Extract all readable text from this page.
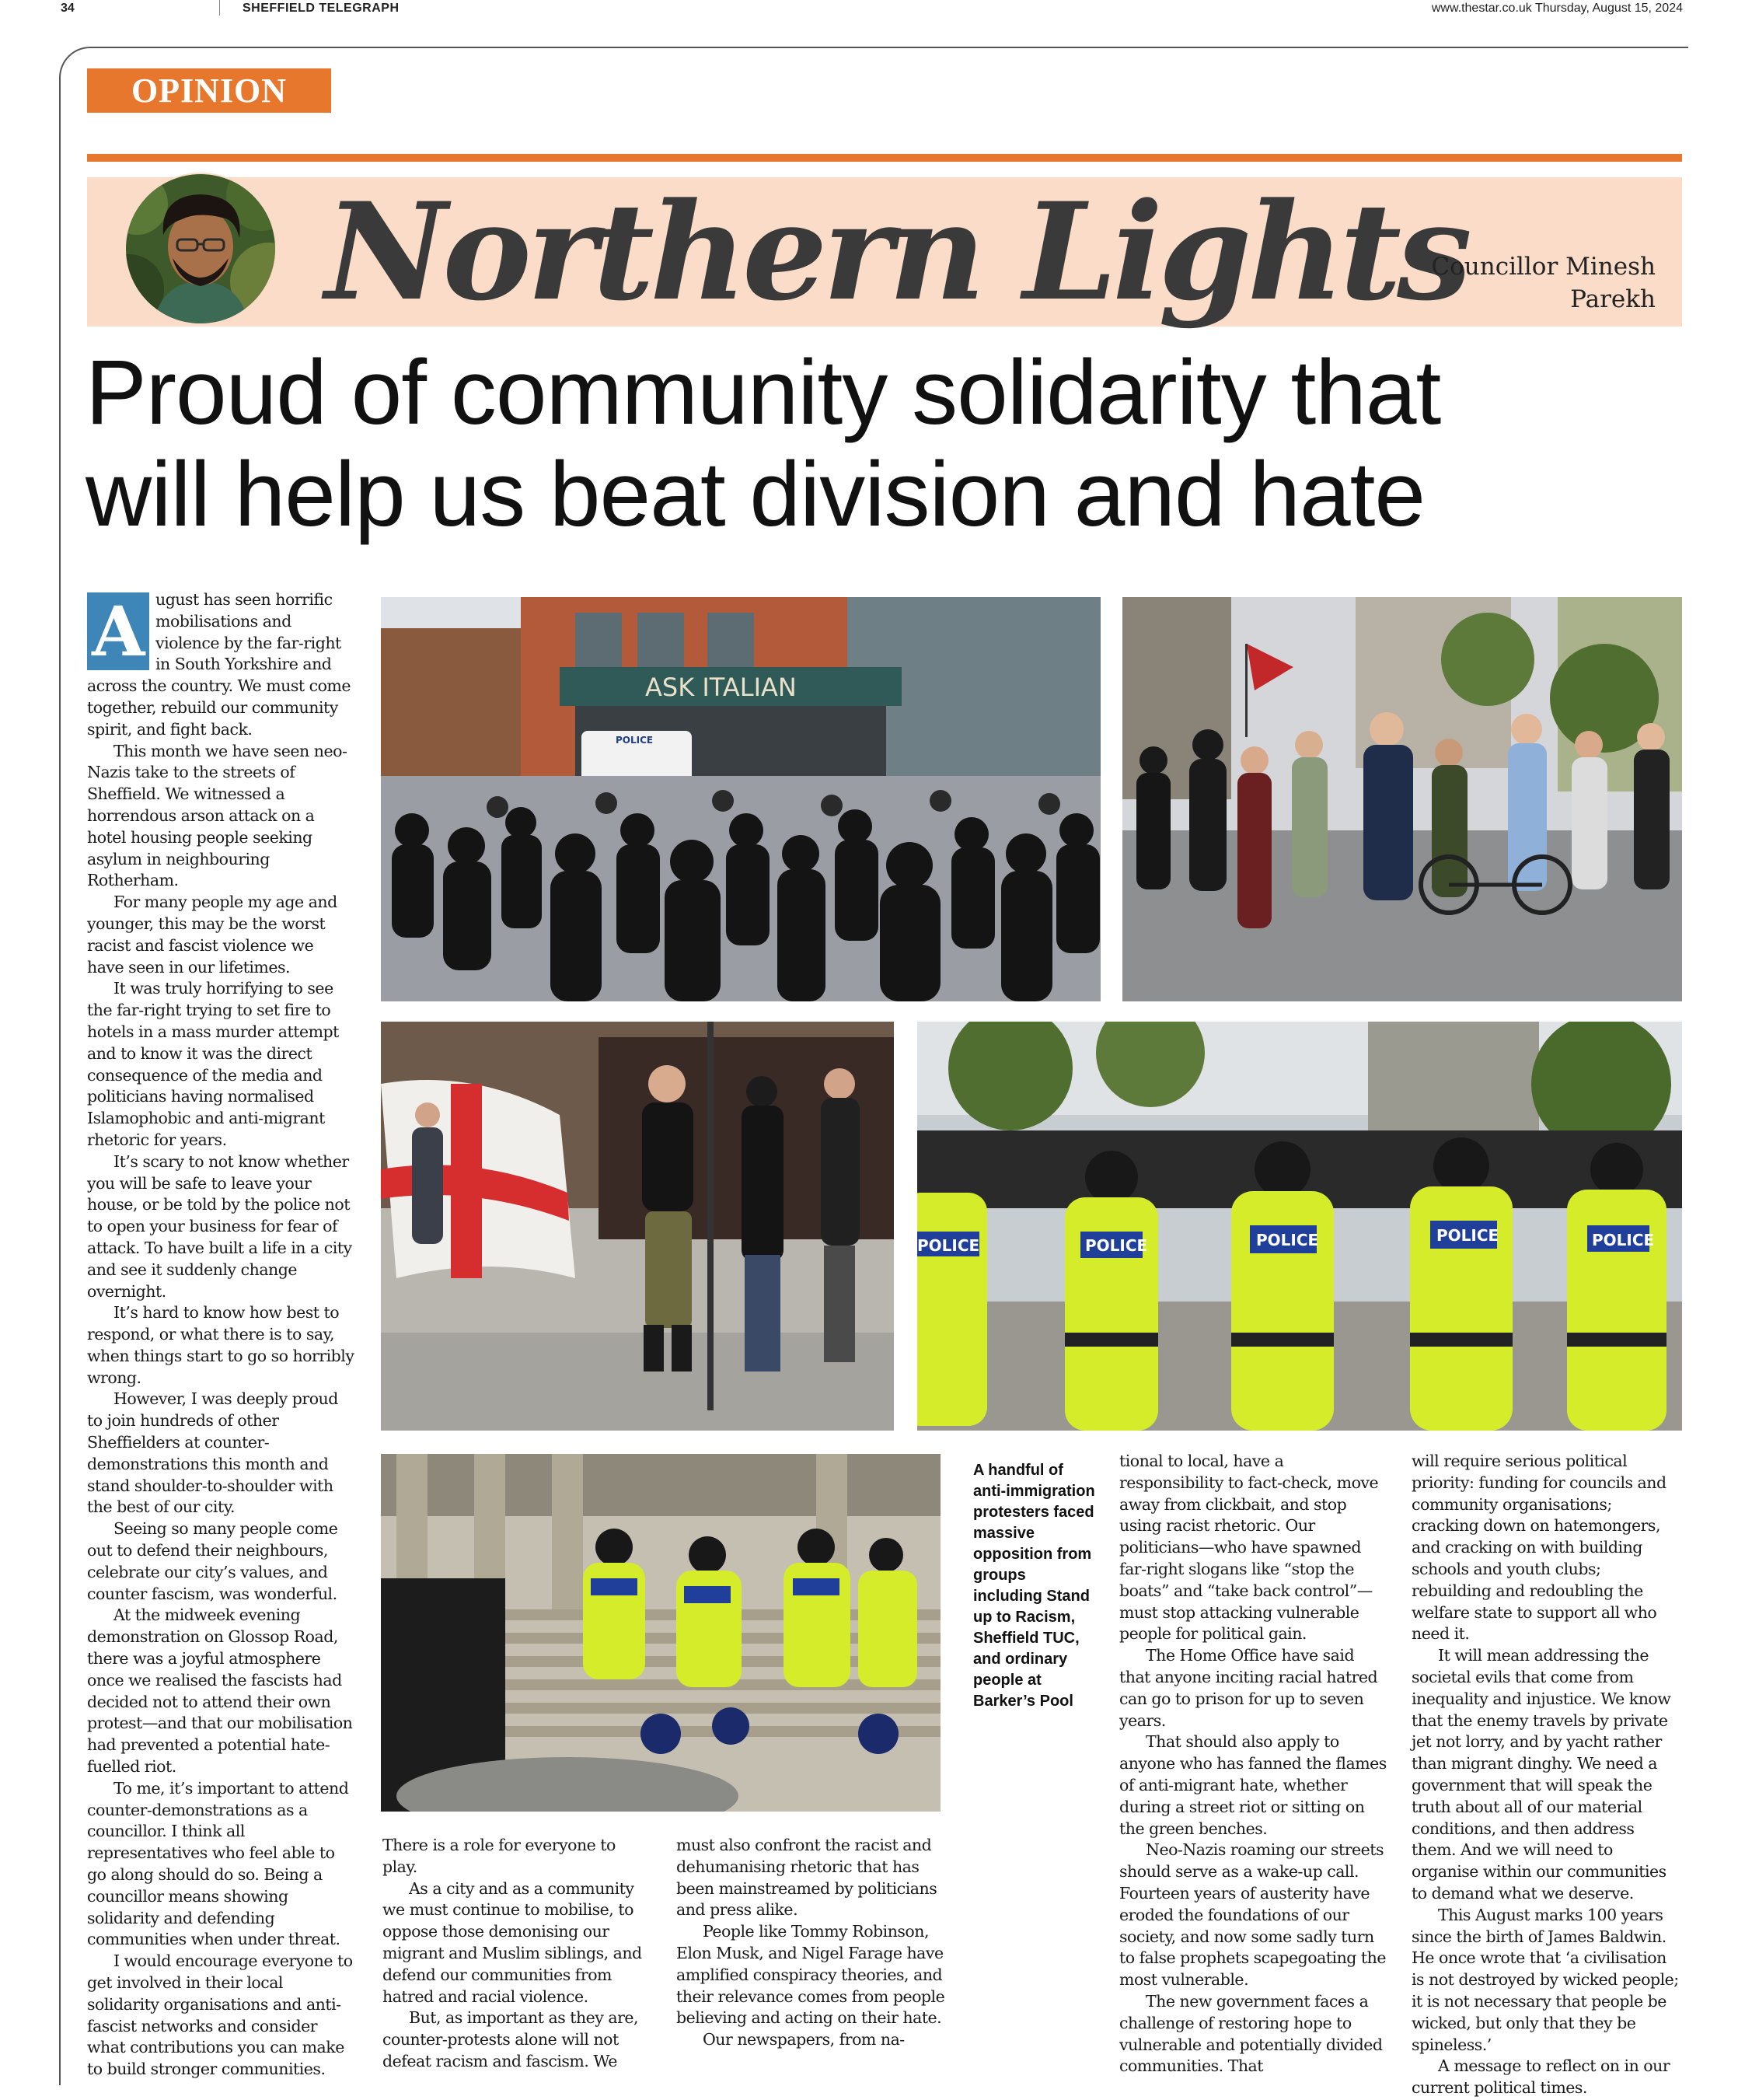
34	SHEFFIELD TELEGRAPH	www.thestar.co.uk Thursday, August 15, 2024
OPINION
Northern Lights
Councillor Minesh
Parekh
Proud of community solidarity that
will help us beat division and hate
A ugust has seen horrific mobilisations and violence by the far-right in South Yorkshire and across the country. We must come together, rebuild our community spirit, and fight back.

This month we have seen neo-Nazis take to the streets of Sheffield. We witnessed a horrendous arson attack on a hotel housing people seeking asylum in neighbouring Rotherham.

For many people my age and younger, this may be the worst racist and fascist violence we have seen in our lifetimes.

It was truly horrifying to see the far-right trying to set fire to hotels in a mass murder attempt and to know it was the direct consequence of the media and politicians having normalised Islamophobic and anti-migrant rhetoric for years.

It’s scary to not know whether you will be safe to leave your house, or be told by the police not to open your business for fear of attack. To have built a life in a city and see it suddenly change overnight.

It’s hard to know how best to respond, or what there is to say, when things start to go so horribly wrong.

However, I was deeply proud to join hundreds of other Sheffielders at counter-demonstrations this month and stand shoulder-to-shoulder with the best of our city.

Seeing so many people come out to defend their neighbours, celebrate our city’s values, and counter fascism, was wonderful.

At the midweek evening demonstration on Glossop Road, there was a joyful atmosphere once we realised the fascists had decided not to attend their own protest—and that our mobilisation had prevented a potential hate-fuelled riot.

To me, it’s important to attend counter-demonstrations as a councillor. I think all representatives who feel able to go along should do so. Being a councillor means showing solidarity and defending communities when under threat.

I would encourage everyone to get involved in their local solidarity organisations and anti-fascist networks and consider what contributions you can make to build stronger communities.

ASK ITALIAN
POLICE
POLICE	POLICE	POLICE	POLICE	POLICE
A handful of anti-immigration protesters faced massive opposition from groups including Stand up to Racism, Sheffield TUC, and ordinary people at Barker’s Pool

There is a role for everyone to play.

As a city and as a community we must continue to mobilise, to oppose those demonising our migrant and Muslim siblings, and defend our communities from hatred and racial violence.

But, as important as they are, counter-protests alone will not defeat racism and fascism. We

must also confront the racist and dehumanising rhetoric that has been mainstreamed by politicians and press alike.

People like Tommy Robinson, Elon Musk, and Nigel Farage have amplified conspiracy theories, and their relevance comes from people believing and acting on their hate.

Our newspapers, from na-

tional to local, have a responsibility to fact-check, move away from clickbait, and stop using racist rhetoric. Our politicians—who have spawned far-right slogans like “stop the boats” and “take back control”—must stop attacking vulnerable people for political gain.

The Home Office have said that anyone inciting racial hatred can go to prison for up to seven years.

That should also apply to anyone who has fanned the flames of anti-migrant hate, whether during a street riot or sitting on the green benches.

Neo-Nazis roaming our streets should serve as a wake-up call. Fourteen years of austerity have eroded the foundations of our society, and now some sadly turn to false prophets scapegoating the most vulnerable.

The new government faces a challenge of restoring hope to vulnerable and potentially divided communities. That

will require serious political priority: funding for councils and community organisations; cracking down on hatemongers, and cracking on with building schools and youth clubs; rebuilding and redoubling the welfare state to support all who need it.

It will mean addressing the societal evils that come from inequality and injustice. We know that the enemy travels by private jet not lorry, and by yacht rather than migrant dinghy. We need a government that will speak the truth about all of our material conditions, and then address them. And we will need to organise within our communities to demand what we deserve.

This August marks 100 years since the birth of James Baldwin. He once wrote that ‘a civilisation is not destroyed by wicked people; it is not necessary that people be wicked, but only that they be spineless.’

A message to reflect on in our current political times.
